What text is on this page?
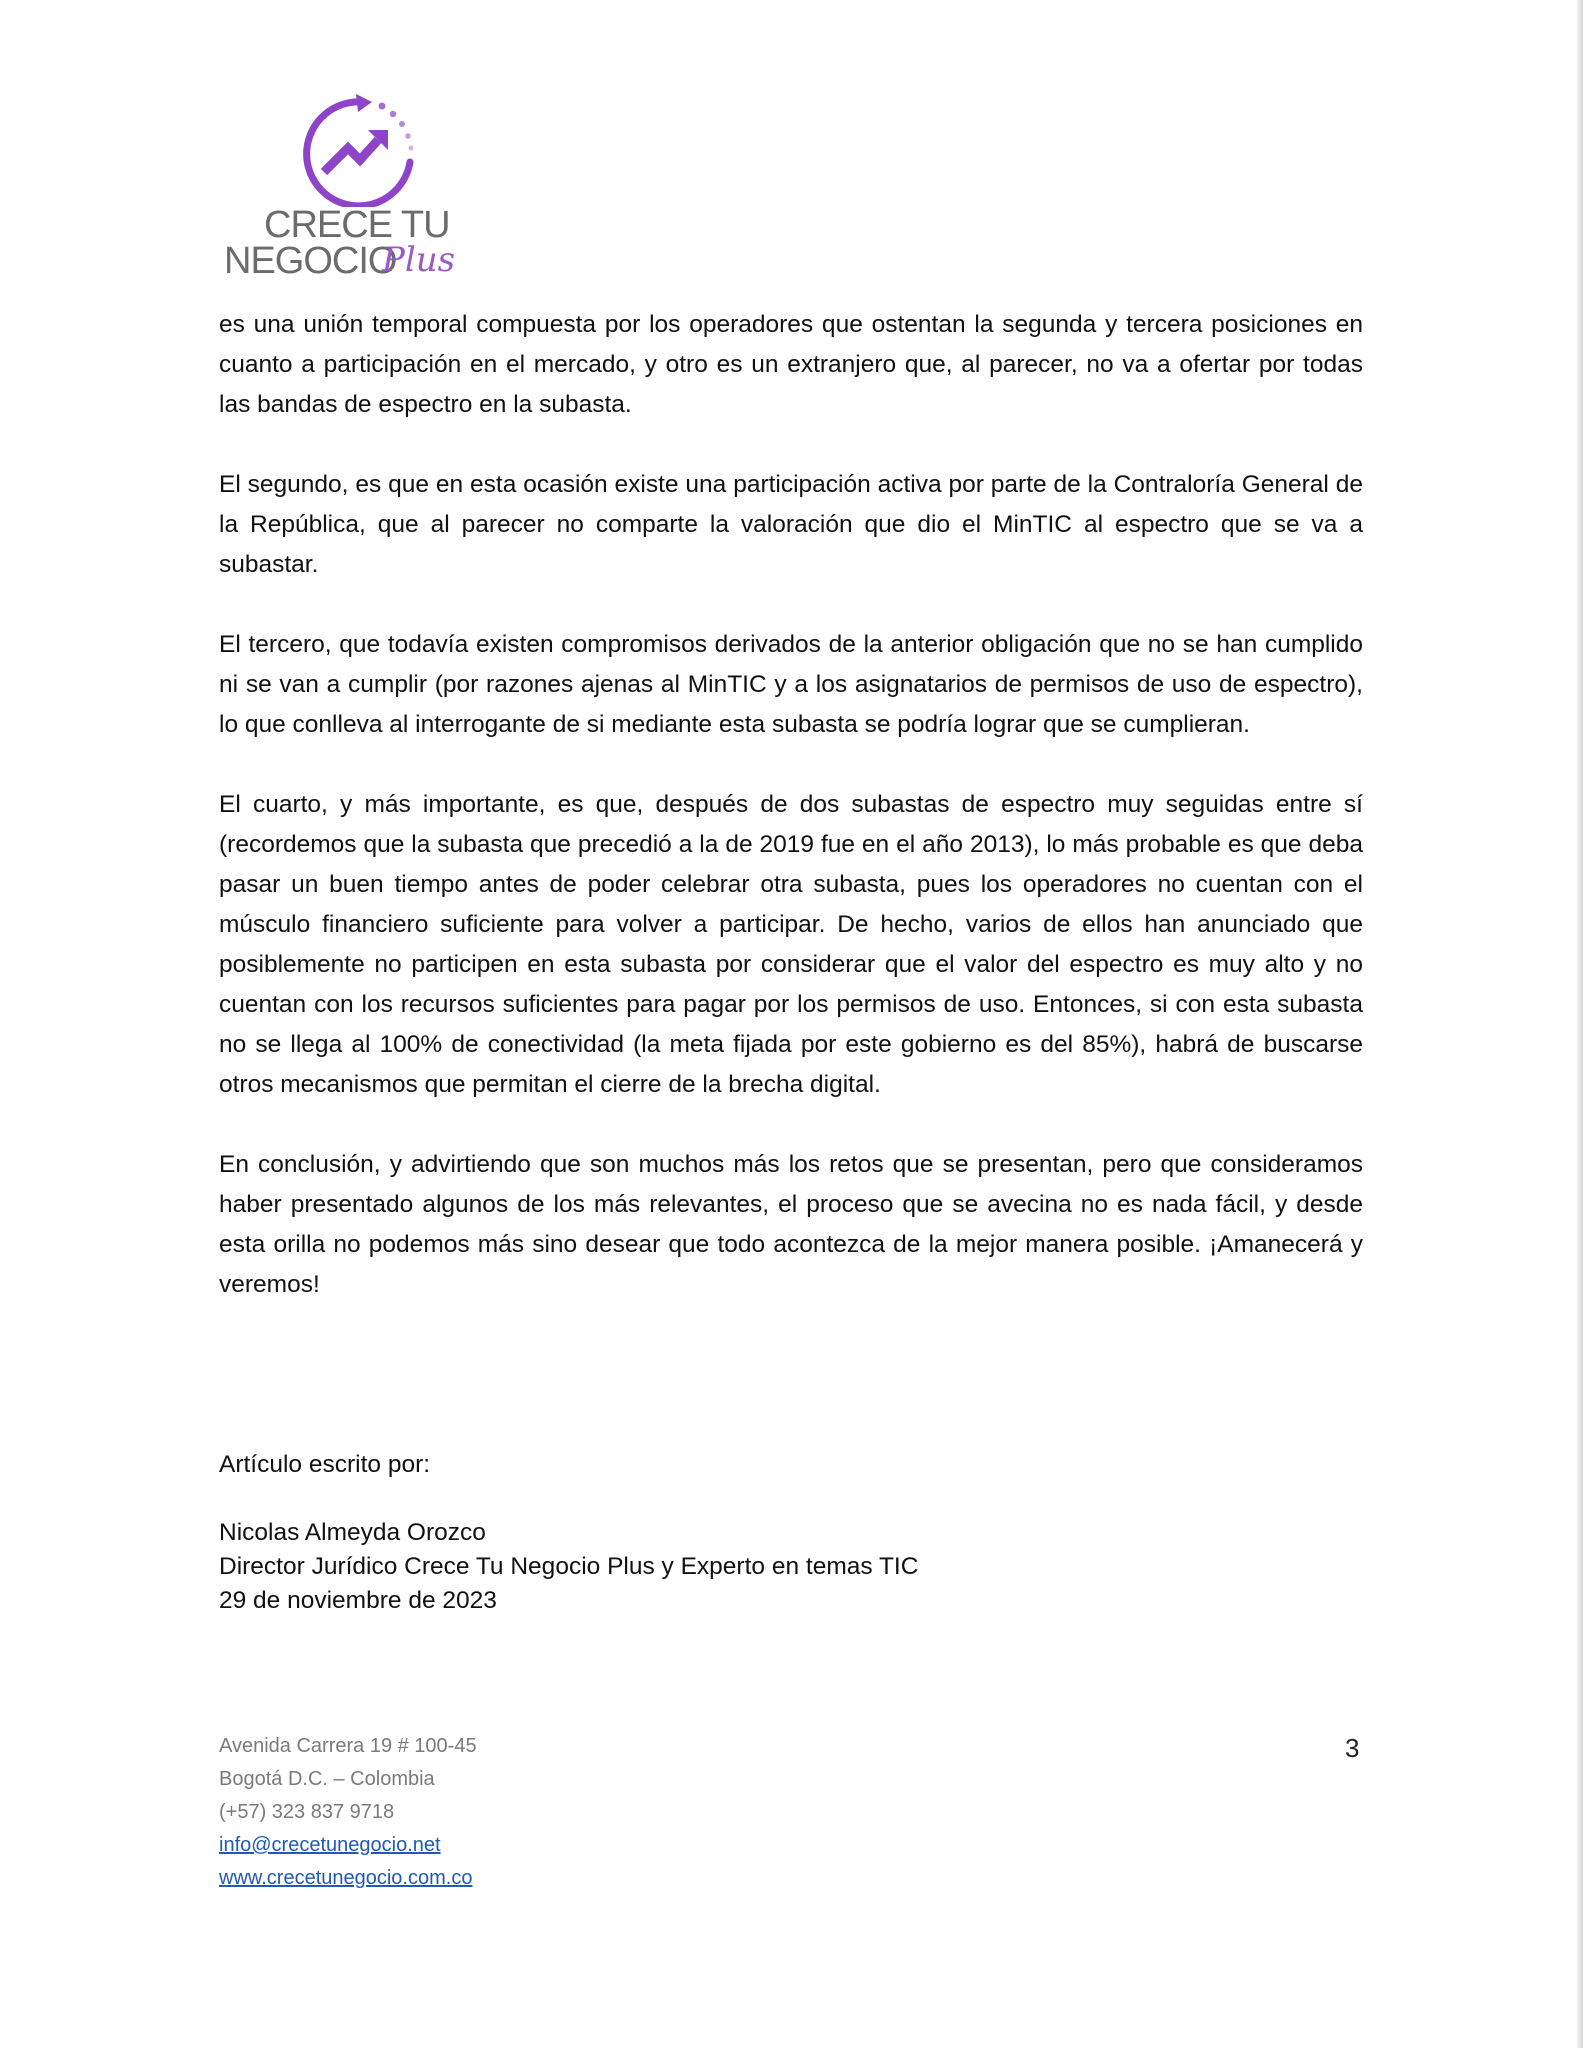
CRECE TU
NEGOCIO
Plus

es una unión temporal compuesta por los operadores que ostentan la segunda y tercera posiciones en cuanto a participación en el mercado, y otro es un extranjero que, al parecer, no va a ofertar por todas las bandas de espectro en la subasta.

El segundo, es que en esta ocasión existe una participación activa por parte de la Contraloría General de la República, que al parecer no comparte la valoración que dio el MinTIC al espectro que se va a subastar.

El tercero, que todavía existen compromisos derivados de la anterior obligación que no se han cumplido ni se van a cumplir (por razones ajenas al MinTIC y a los asignatarios de permisos de uso de espectro), lo que conlleva al interrogante de si mediante esta subasta se podría lograr que se cumplieran.

El cuarto, y más importante, es que, después de dos subastas de espectro muy seguidas entre sí (recordemos que la subasta que precedió a la de 2019 fue en el año 2013), lo más probable es que deba pasar un buen tiempo antes de poder celebrar otra subasta, pues los operadores no cuentan con el músculo financiero suficiente para volver a participar. De hecho, varios de ellos han anunciado que posiblemente no participen en esta subasta por considerar que el valor del espectro es muy alto y no cuentan con los recursos suficientes para pagar por los permisos de uso. Entonces, si con esta subasta no se llega al 100% de conectividad (la meta fijada por este gobierno es del 85%), habrá de buscarse otros mecanismos que permitan el cierre de la brecha digital.

En conclusión, y advirtiendo que son muchos más los retos que se presentan, pero que consideramos haber presentado algunos de los más relevantes, el proceso que se avecina no es nada fácil, y desde esta orilla no podemos más sino desear que todo acontezca de la mejor manera posible. ¡Amanecerá y veremos!

Artículo escrito por:
Nicolas Almeyda Orozco
Director Jurídico Crece Tu Negocio Plus y Experto en temas TIC
29 de noviembre de 2023
Avenida Carrera 19 # 100-45
Bogotá D.C. – Colombia
(+57) 323 837 9718
info@crecetunegocio.net
www.crecetunegocio.com.co
3
